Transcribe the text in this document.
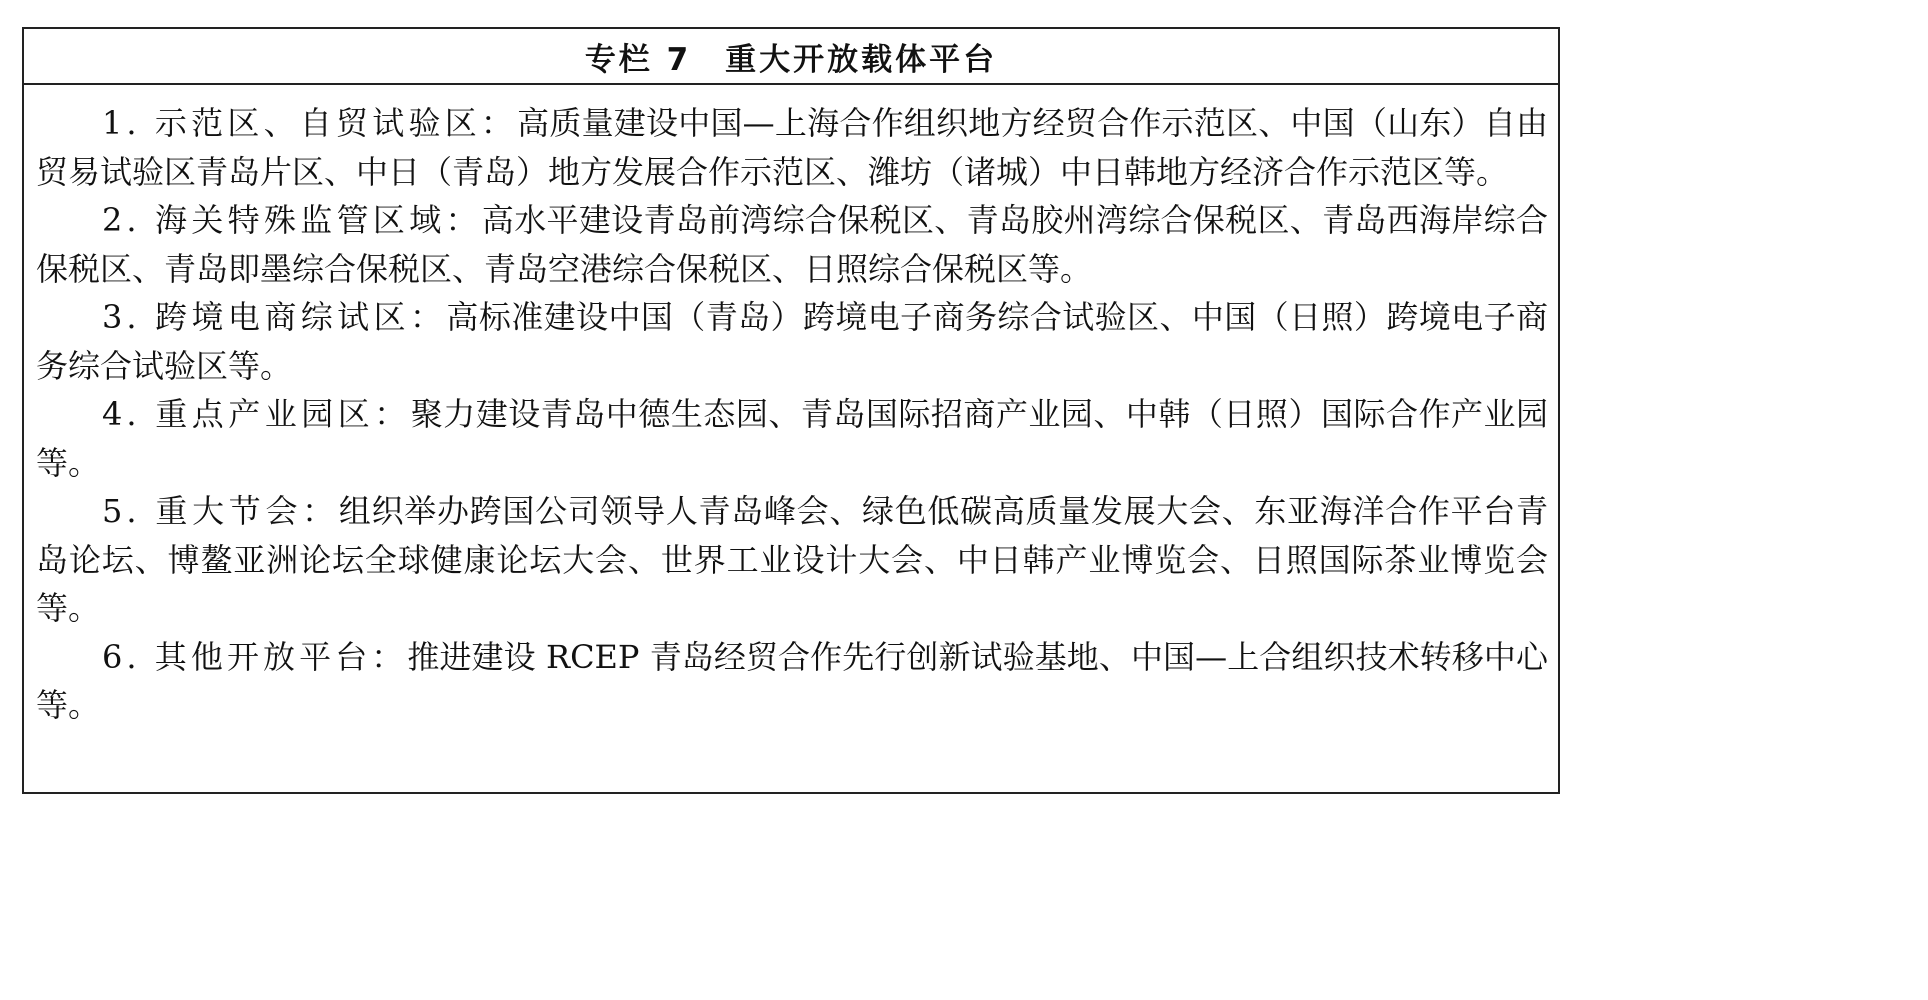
专栏 7　重大开放载体平台

1. 示范区、自贸试验区：高质量建设中国—上海合作组织地方经贸合作示范区、中国（山东）自由贸易试验区青岛片区、中日（青岛）地方发展合作示范区、潍坊（诸城）中日韩地方经济合作示范区等。

2. 海关特殊监管区域：高水平建设青岛前湾综合保税区、青岛胶州湾综合保税区、青岛西海岸综合保税区、青岛即墨综合保税区、青岛空港综合保税区、日照综合保税区等。

3. 跨境电商综试区：高标准建设中国（青岛）跨境电子商务综合试验区、中国（日照）跨境电子商务综合试验区等。

4. 重点产业园区：聚力建设青岛中德生态园、青岛国际招商产业园、中韩（日照）国际合作产业园等。

5. 重大节会：组织举办跨国公司领导人青岛峰会、绿色低碳高质量发展大会、东亚海洋合作平台青岛论坛、博鳌亚洲论坛全球健康论坛大会、世界工业设计大会、中日韩产业博览会、日照国际茶业博览会等。

6. 其他开放平台：推进建设 RCEP 青岛经贸合作先行创新试验基地、中国—上合组织技术转移中心等。
